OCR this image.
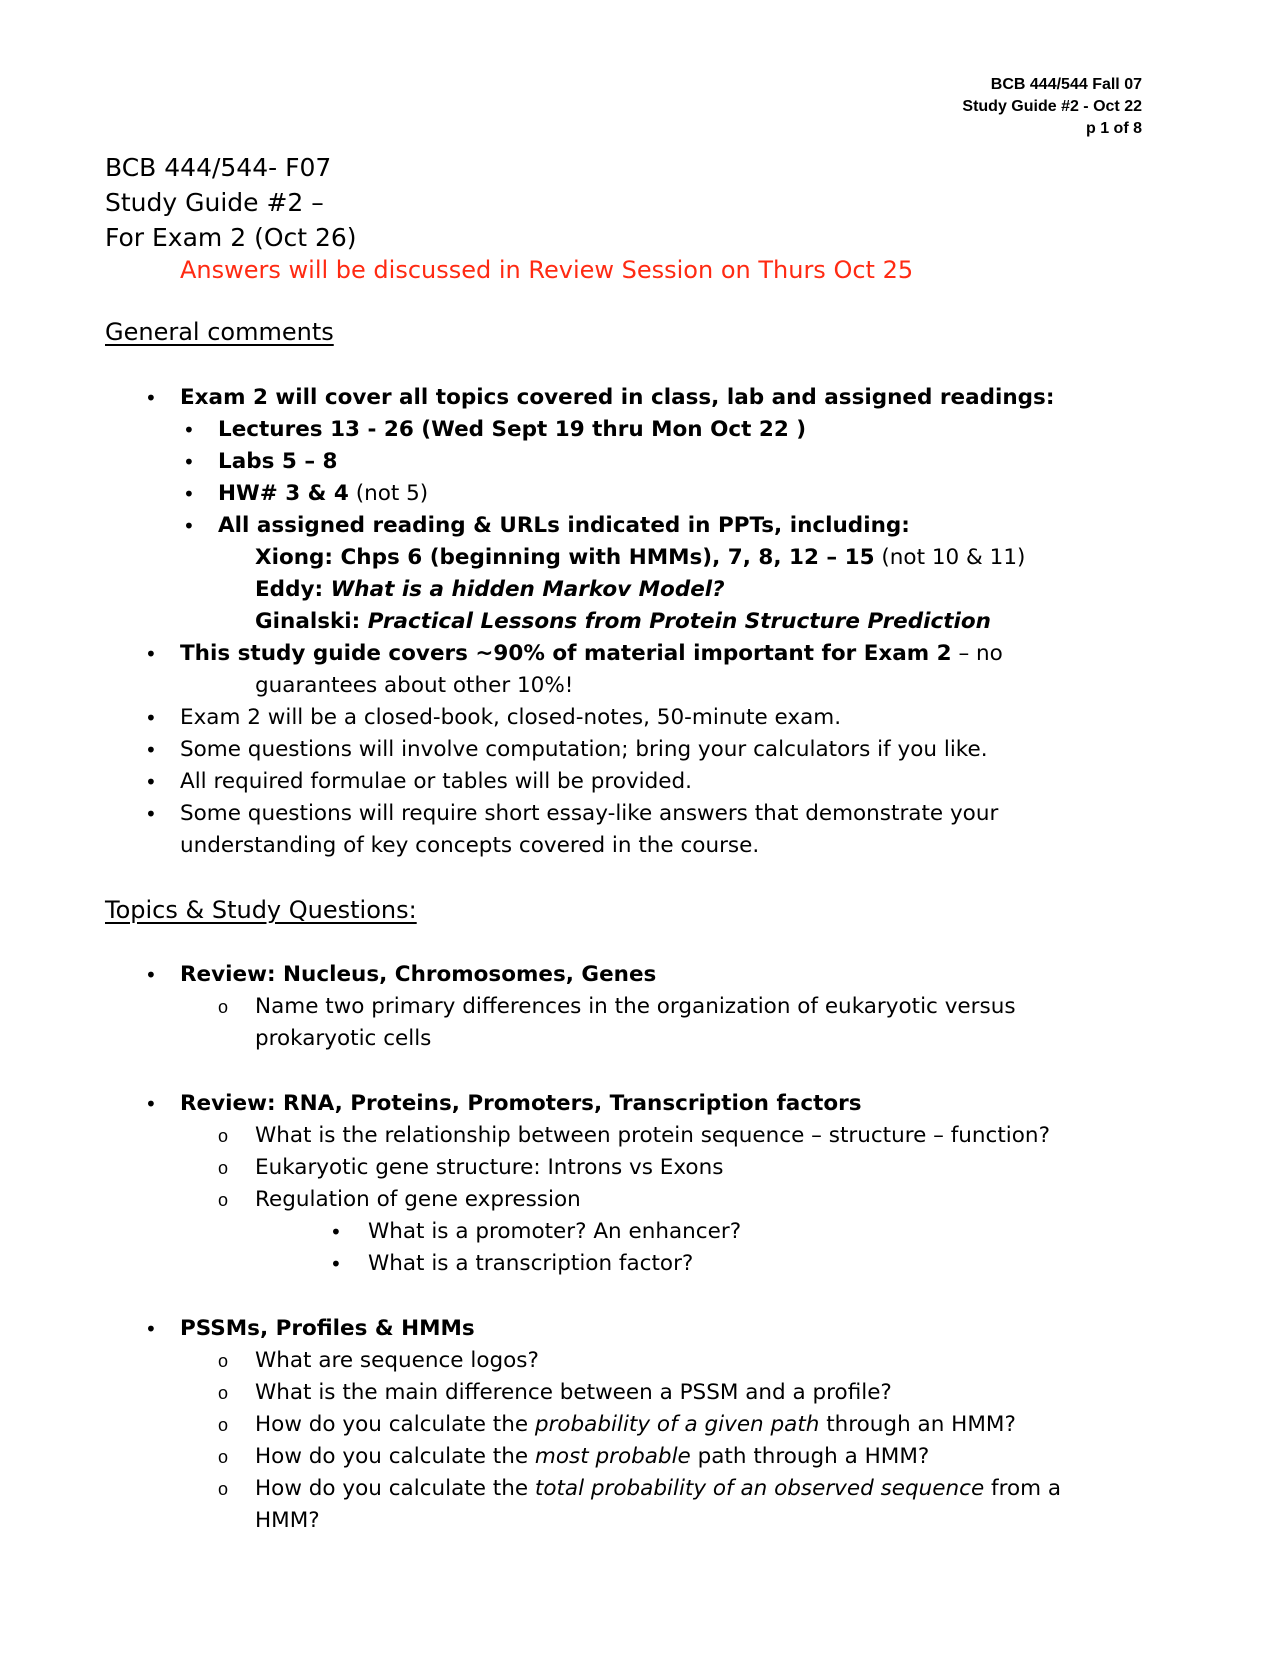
BCB 444/544 Fall 07
Study Guide #2 - Oct 22
p 1 of 8
BCB 444/544- F07
Study Guide #2 –
For Exam 2 (Oct 26)
Answers will be discussed in Review Session on Thurs Oct 25
General comments
• Exam 2 will cover all topics covered in class, lab and assigned readings:
• Lectures 13 - 26 (Wed Sept 19 thru Mon Oct 22 )
• Labs 5 – 8
• HW# 3 & 4 (not 5)
• All assigned reading & URLs indicated in PPTs, including:
Xiong: Chps 6 (beginning with HMMs), 7, 8, 12 – 15 (not 10 & 11)
Eddy: What is a hidden Markov Model?
Ginalski: Practical Lessons from Protein Structure Prediction
• This study guide covers ~90% of material important for Exam 2 – no
guarantees about other 10%!
• Exam 2 will be a closed-book, closed-notes, 50-minute exam.
• Some questions will involve computation; bring your calculators if you like.
• All required formulae or tables will be provided.
• Some questions will require short essay-like answers that demonstrate your
understanding of key concepts covered in the course.
Topics & Study Questions:
• Review: Nucleus, Chromosomes, Genes
o Name two primary differences in the organization of eukaryotic versus
prokaryotic cells
• Review: RNA, Proteins, Promoters, Transcription factors
o What is the relationship between protein sequence – structure – function?
o Eukaryotic gene structure: Introns vs Exons
o Regulation of gene expression
• What is a promoter? An enhancer?
• What is a transcription factor?
• PSSMs, Profiles & HMMs
o What are sequence logos?
o What is the main difference between a PSSM and a profile?
o How do you calculate the probability of a given path through an HMM?
o How do you calculate the most probable path through a HMM?
o How do you calculate the total probability of an observed sequence from a
HMM?
